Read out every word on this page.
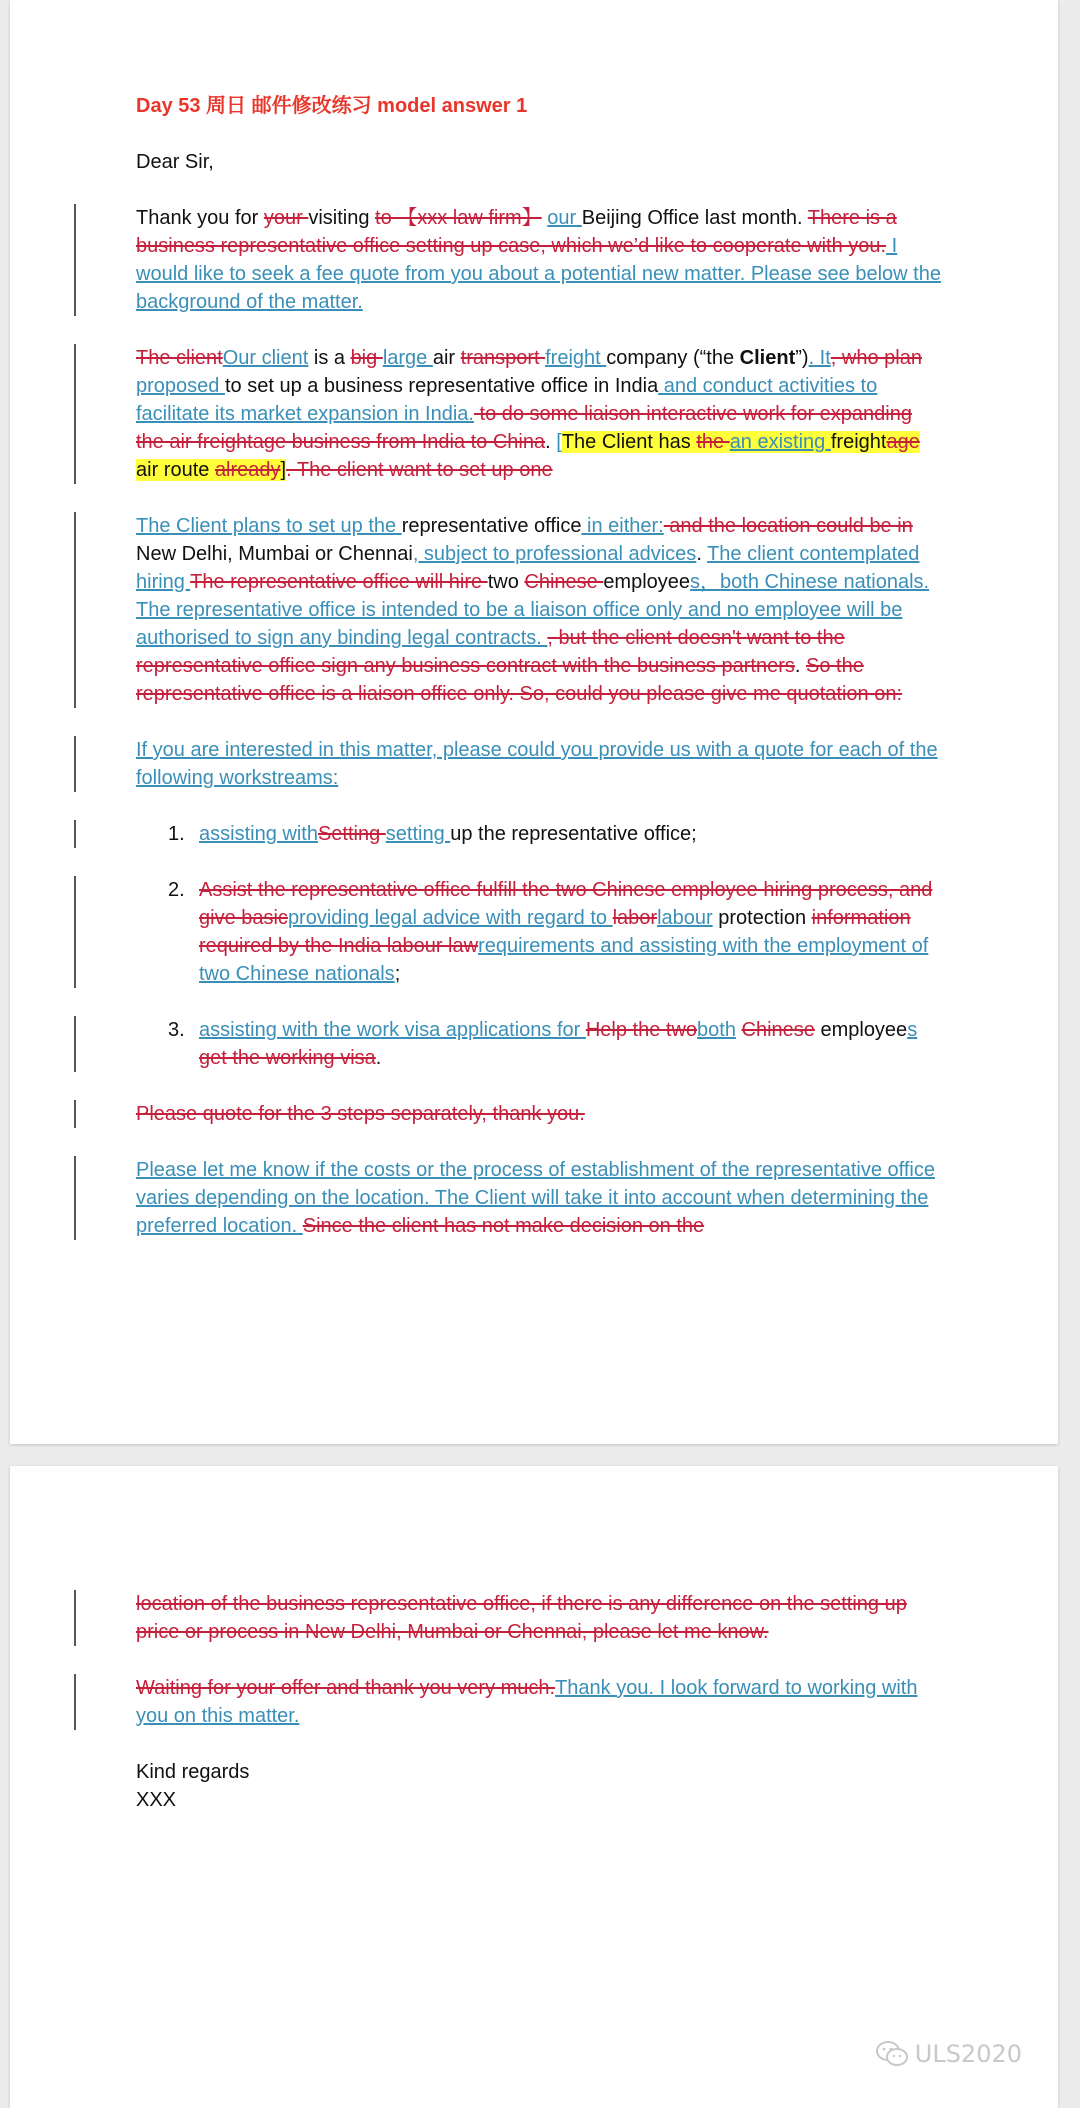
Day 53 周日 邮件修改练习 model answer 1

Dear Sir,

Thank you for your visiting to 【xxx law firm】 our Beijing Office last month. There is a business representative office setting up case, which we’d like to cooperate with you. I would like to seek a fee quote from you about a potential new matter. Please see below the background of the matter.

The clientOur client is a big large air transport freight company (“the Client”). It, who plan proposed to set up a business representative office in India and conduct activities to facilitate its market expansion in India. to do some liaison interactive work for expanding the air freightage business from India to China. [The Client has the an existing freightage air route already]. The client want to set up one

The Client plans to set up the representative office in either: and the location could be in New Delhi, Mumbai or Chennai, subject to professional advices. The client contemplated hiring The representative office will hire two Chinese employees，both Chinese nationals. The representative office is intended to be a liaison office only and no employee will be authorised to sign any binding legal contracts. , but the client doesn't want to the representative office sign any business contract with the business partners. So the representative office is a liaison office only. So, could you please give me quotation on:

If you are interested in this matter, please could you provide us with a quote for each of the following workstreams:

1. assisting withSetting setting up the representative office;
2. Assist the representative office fulfill the two Chinese employee hiring process, and give basicproviding legal advice with regard to laborlabour protection information required by the India labour lawrequirements and assisting with the employment of two Chinese nationals;
3. assisting with the work visa applications for Help the twoboth Chinese employees get the working visa.

Please quote for the 3 steps separately, thank you.

Please let me know if the costs or the process of establishment of the representative office varies depending on the location. The Client will take it into account when determining the preferred location. Since the client has not make decision on the

location of the business representative office, if there is any difference on the setting up price or process in New Delhi, Mumbai or Chennai, please let me know.

Waiting for your offer and thank you very much.Thank you. I look forward to working with you on this matter.

Kind regards

XXX

ULS2020
